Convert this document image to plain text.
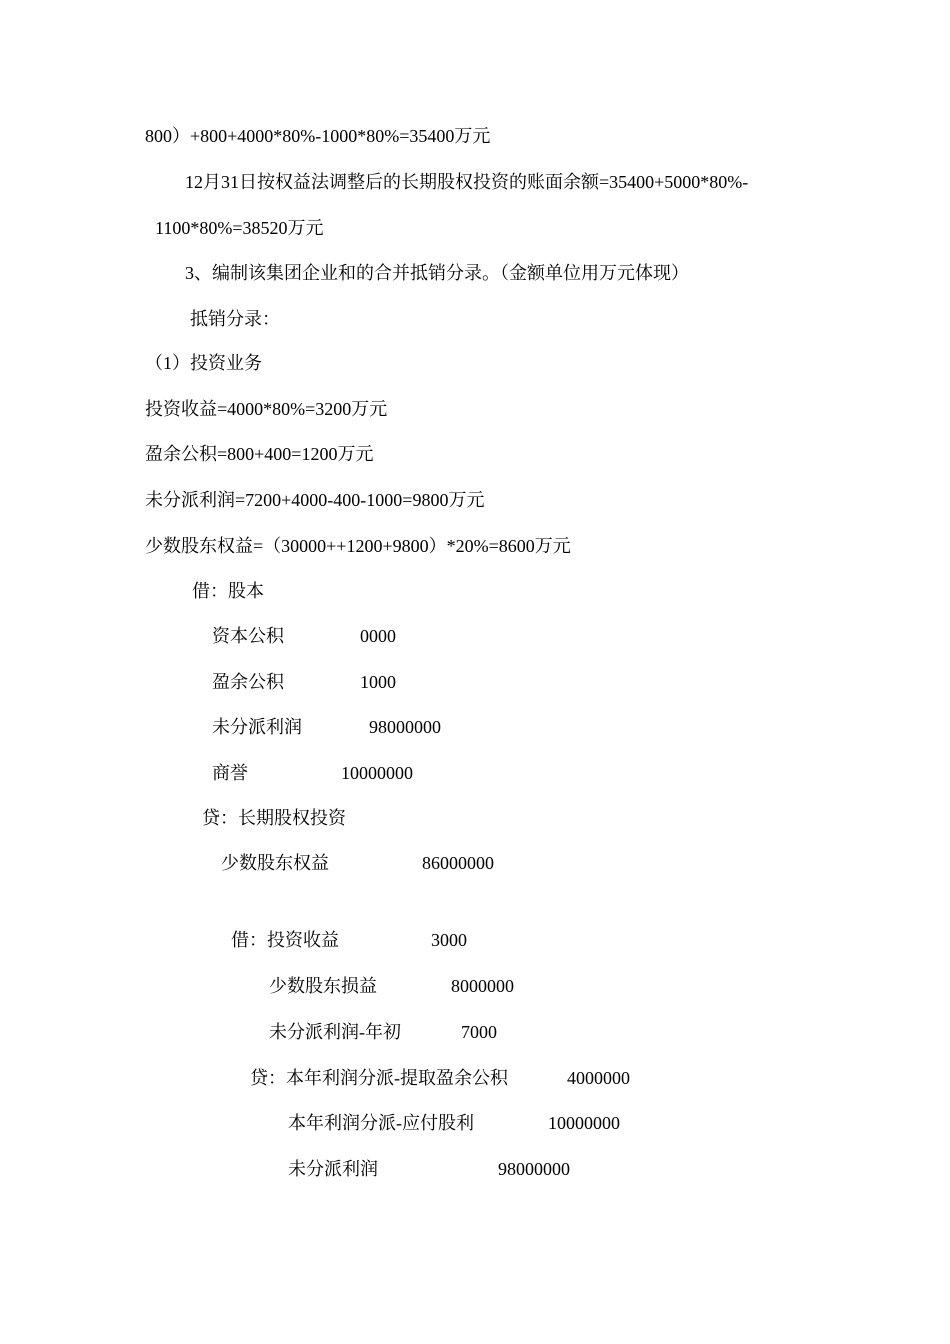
800）+800+4000*80%-1000*80%=35400万元
12月31日按权益法调整后的长期股权投资的账面余额=35400+5000*80%-
1100*80%=38520万元
3、编制该集团企业和的合并抵销分录。（金额单位用万元体现）
抵销分录：
（1）投资业务
投资收益=4000*80%=3200万元
盈余公积=800+400=1200万元
未分派利润=7200+4000-400-1000=9800万元
少数股东权益=（30000++1200+9800）*20%=8600万元
借：股本
资本公积	0000
盈余公积	1000
未分派利润	98000000
商誉	10000000
贷：长期股权投资
少数股东权益	86000000
借：投资收益	3000
少数股东损益	8000000
未分派利润-年初	7000
贷：本年利润分派-提取盈余公积	4000000
本年利润分派-应付股利	10000000
未分派利润	98000000
